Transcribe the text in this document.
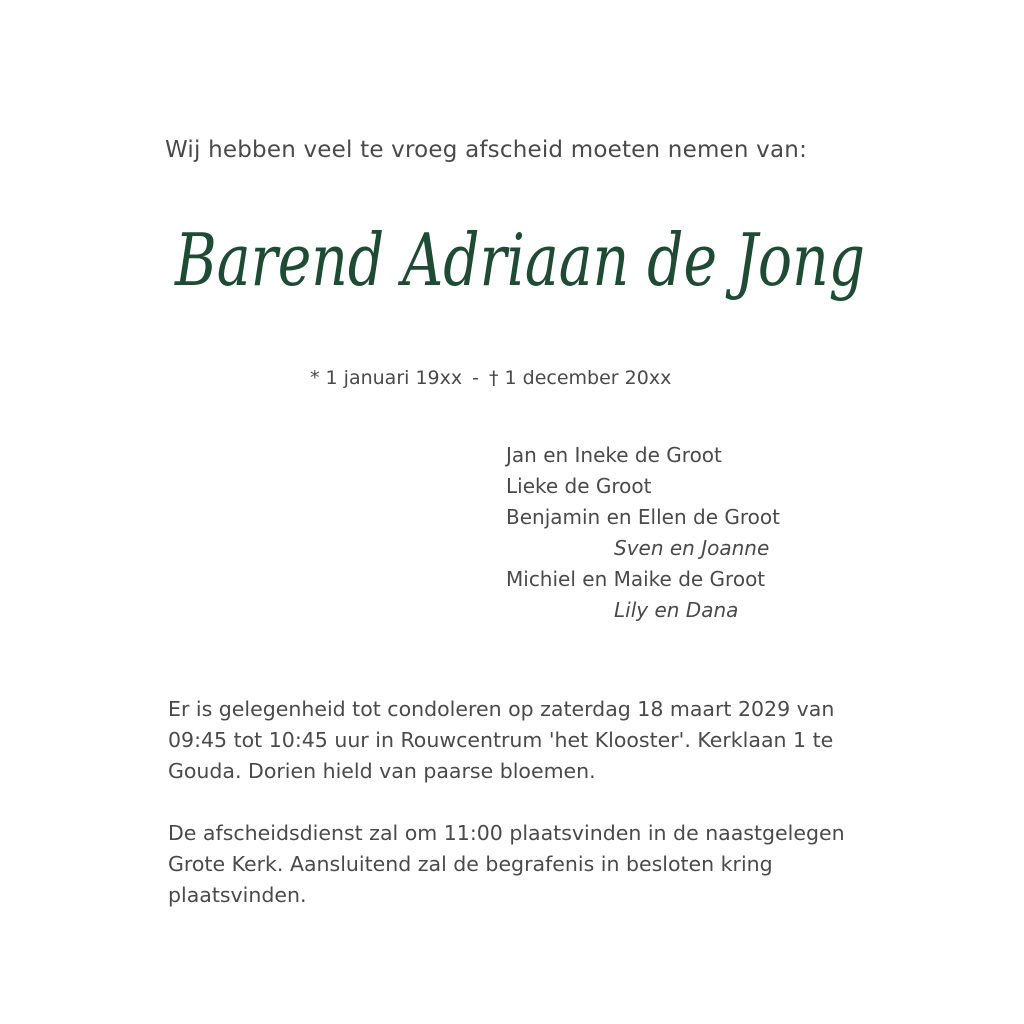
Wij hebben veel te vroeg afscheid moeten nemen van:
Barend Adriaan de Jong
* 1 januari 19xx - † 1 december 20xx
Jan en Ineke de Groot
Lieke de Groot
Benjamin en Ellen de Groot
Sven en Joanne
Michiel en Maike de Groot
Lily en Dana
Er is gelegenheid tot condoleren op zaterdag 18 maart 2029 van 09:45 tot 10:45 uur in Rouwcentrum 'het Klooster'. Kerklaan 1 te Gouda. Dorien hield van paarse bloemen.
De afscheidsdienst zal om 11:00 plaatsvinden in de naastgelegen Grote Kerk. Aansluitend zal de begrafenis in besloten kring plaatsvinden.
